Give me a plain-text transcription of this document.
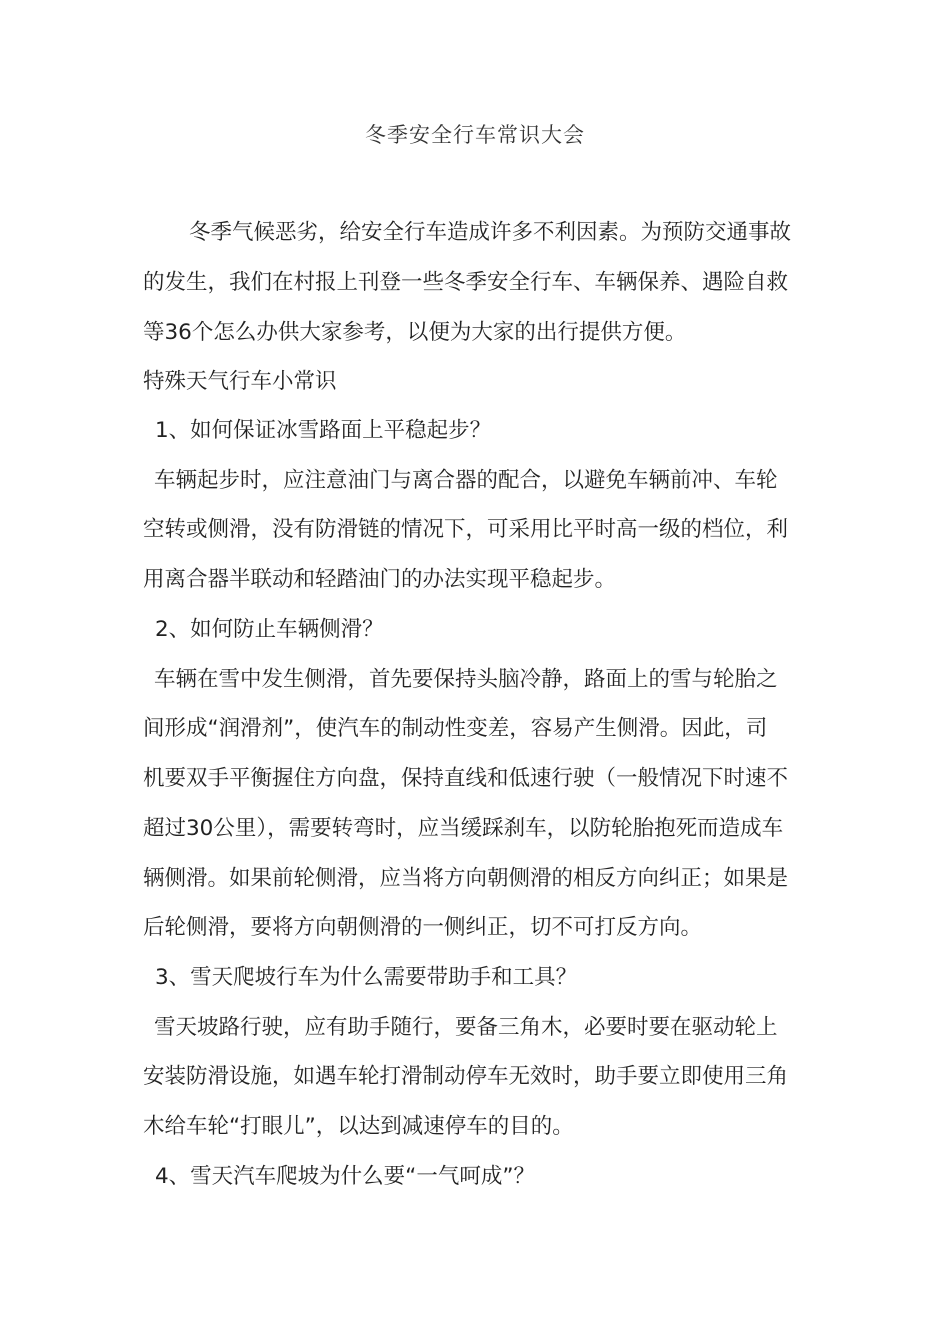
冬季安全行车常识大会

冬季气候恶劣，给安全行车造成许多不利因素。为预防交通事故

的发生，我们在村报上刊登一些冬季安全行车、车辆保养、遇险自救

等36个怎么办供大家参考，以便为大家的出行提供方便。

特殊天气行车小常识

1、如何保证冰雪路面上平稳起步？

车辆起步时，应注意油门与离合器的配合，以避免车辆前冲、车轮

空转或侧滑，没有防滑链的情况下，可采用比平时高一级的档位，利

用离合器半联动和轻踏油门的办法实现平稳起步。

2、如何防止车辆侧滑？

车辆在雪中发生侧滑，首先要保持头脑冷静，路面上的雪与轮胎之

间形成“润滑剂”，使汽车的制动性变差，容易产生侧滑。因此，司

机要双手平衡握住方向盘，保持直线和低速行驶（一般情况下时速不

超过30公里），需要转弯时，应当缓踩刹车，以防轮胎抱死而造成车

辆侧滑。如果前轮侧滑，应当将方向朝侧滑的相反方向纠正；如果是

后轮侧滑，要将方向朝侧滑的一侧纠正，切不可打反方向。

3、雪天爬坡行车为什么需要带助手和工具？

雪天坡路行驶，应有助手随行，要备三角木，必要时要在驱动轮上

安装防滑设施，如遇车轮打滑制动停车无效时，助手要立即使用三角

木给车轮“打眼儿”，以达到减速停车的目的。

4、雪天汽车爬坡为什么要“一气呵成”？
